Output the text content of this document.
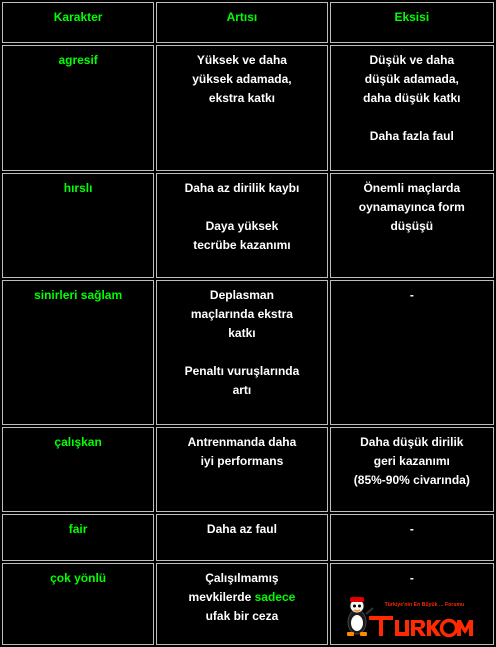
Karakter	Artısı	Eksisi

agresif	Yüksek ve daha
yüksek adamada,
ekstra katkı	Düşük ve daha
düşük adamada,
daha düşük katkı

Daha fazla faul

hırslı	Daha az dirilik kaybı

Daya yüksek
tecrübe kazanımı	Önemli maçlarda
oynamayınca form
düşüşü

sinirleri sağlam	Deplasman
maçlarında ekstra
katkı

Penaltı vuruşlarında
artı	-

çalışkan	Antrenmanda daha
iyi performans	Daha düşük dirilik
geri kazanımı
(85%-90% civarında)

fair	Daha az faul	-

çok yönlü	Çalışılmamış
mevkilerde sadece
ufak bir ceza	-
Türkiye'nin En Büyük ... Forumu
